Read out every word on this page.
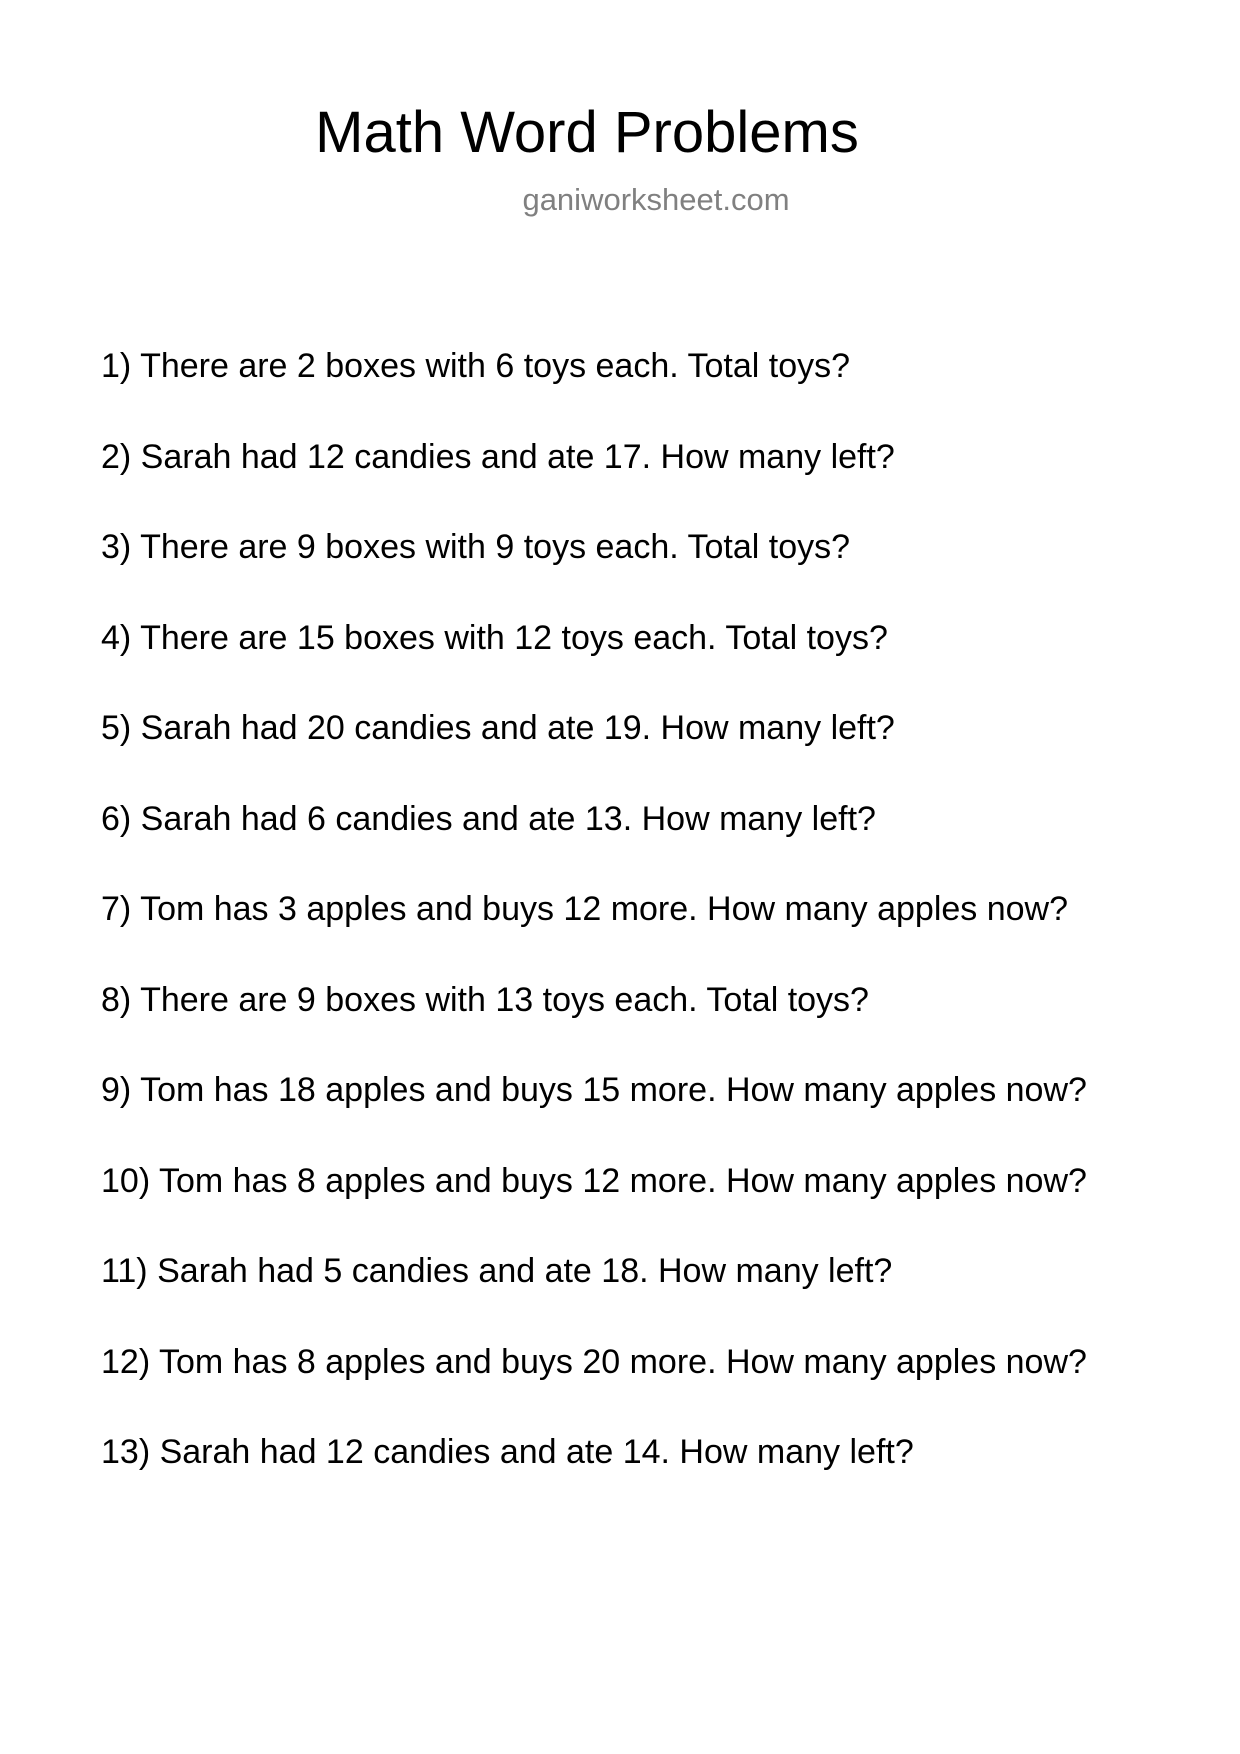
Math Word Problems
ganiworksheet.com
1) There are 2 boxes with 6 toys each. Total toys?
2) Sarah had 12 candies and ate 17. How many left?
3) There are 9 boxes with 9 toys each. Total toys?
4) There are 15 boxes with 12 toys each. Total toys?
5) Sarah had 20 candies and ate 19. How many left?
6) Sarah had 6 candies and ate 13. How many left?
7) Tom has 3 apples and buys 12 more. How many apples now?
8) There are 9 boxes with 13 toys each. Total toys?
9) Tom has 18 apples and buys 15 more. How many apples now?
10) Tom has 8 apples and buys 12 more. How many apples now?
11) Sarah had 5 candies and ate 18. How many left?
12) Tom has 8 apples and buys 20 more. How many apples now?
13) Sarah had 12 candies and ate 14. How many left?
